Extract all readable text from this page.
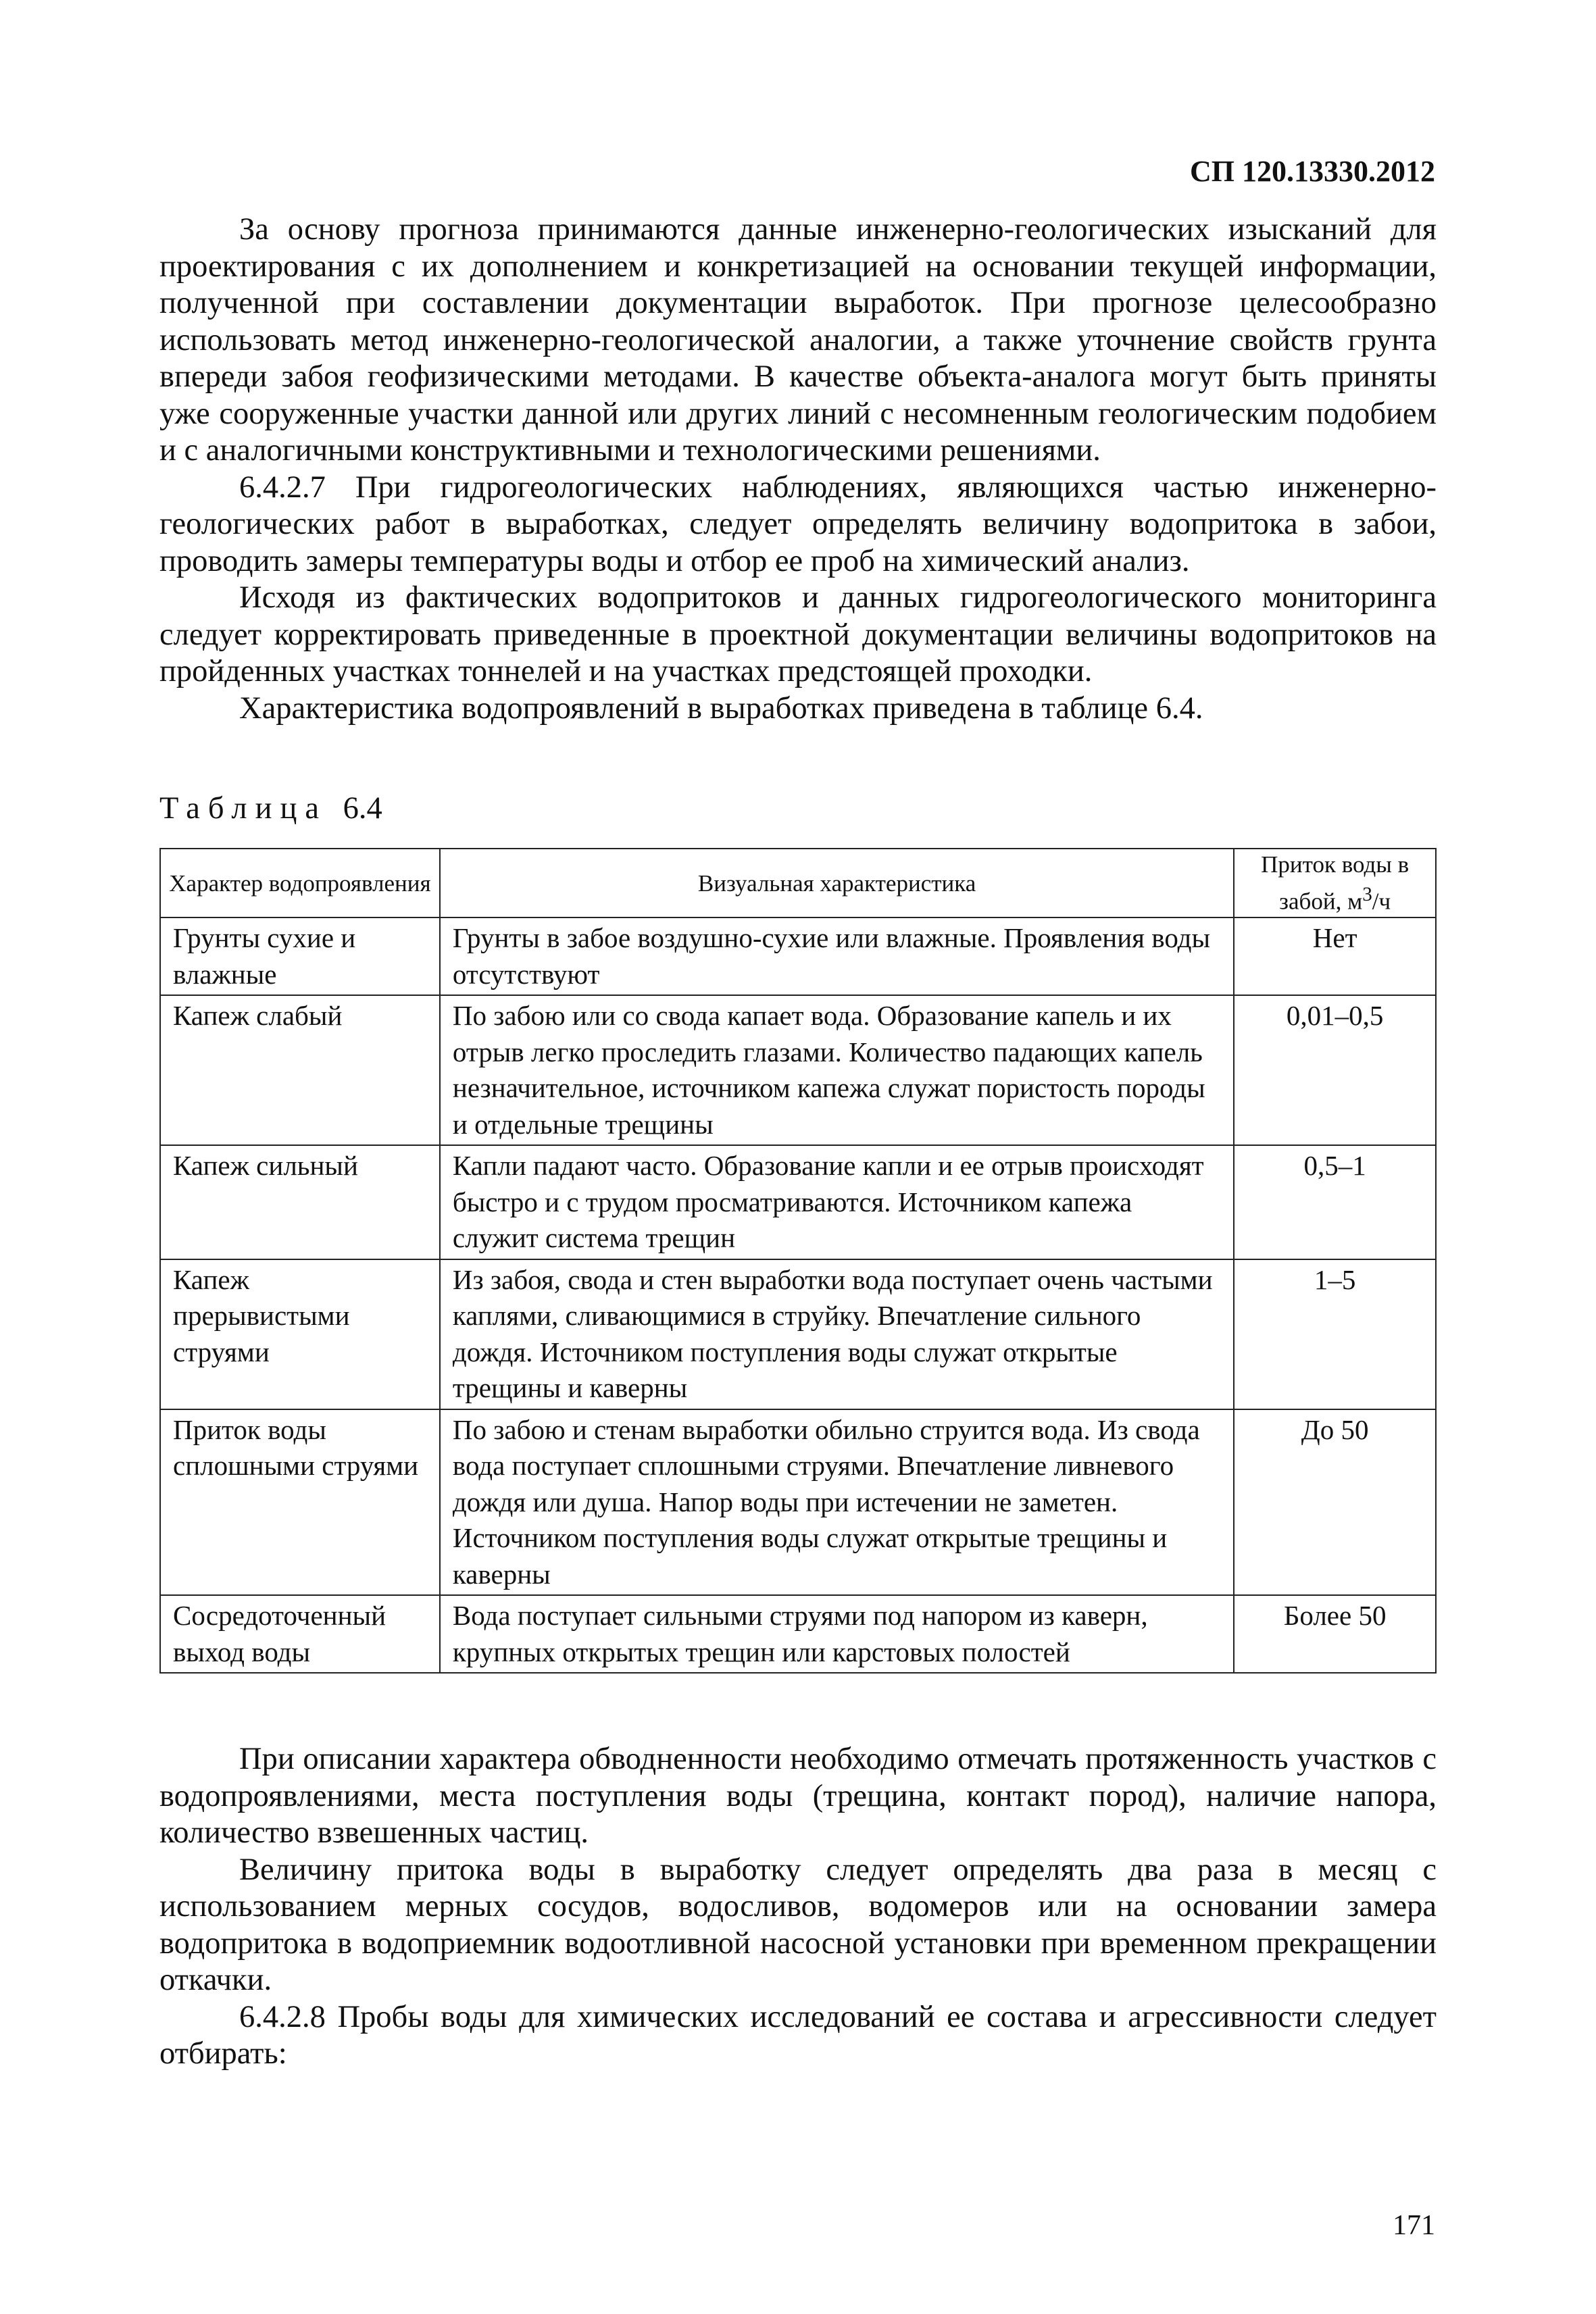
СП 120.13330.2012

За основу прогноза принимаются данные инженерно-геологических изысканий для проектирования с их дополнением и конкретизацией на основании текущей информации, полученной при составлении документации выработок. При прогнозе целесообразно использовать метод инженерно-геологической аналогии, а также уточнение свойств грунта впереди забоя геофизическими методами. В качестве объекта-аналога могут быть приняты уже сооруженные участки данной или других линий с несомненным геологическим подобием и с аналогичными конструктивными и технологическими решениями.

6.4.2.7 При гидрогеологических наблюдениях, являющихся частью инженерно-геологических работ в выработках, следует определять величину водопритока в забои, проводить замеры температуры воды и отбор ее проб на химический анализ.

Исходя из фактических водопритоков и данных гидрогеологического мониторинга следует корректировать приведенные в проектной документации величины водопритоков на пройденных участках тоннелей и на участках предстоящей проходки.

Характеристика водопроявлений в выработках приведена в таблице 6.4.

Таблица 6.4
Характер водопроявления	Визуальная характеристика	Приток воды в забой, $м^3/ч$
Грунты сухие и влажные	Грунты в забое воздушно-сухие или влажные. Проявления воды отсутствуют	Нет
Капеж слабый	По забою или со свода капает вода. Образование капель и их отрыв легко проследить глазами. Количество падающих капель незначительное, источником капежа служат пористость породы и отдельные трещины	0,01–0,5
Капеж сильный	Капли падают часто. Образование капли и ее отрыв происходят быстро и с трудом просматриваются. Источником капежа служит система трещин	0,5–1
Капеж прерывистыми струями	Из забоя, свода и стен выработки вода поступает очень частыми каплями, сливающимися в струйку. Впечатление сильного дождя. Источником поступления воды служат открытые трещины и каверны	1–5
Приток воды сплошными струями	По забою и стенам выработки обильно струится вода. Из свода вода поступает сплошными струями. Впечатление ливневого дождя или душа. Напор воды при истечении не заметен. Источником поступления воды служат открытые трещины и каверны	До 50
Сосредоточенный выход воды	Вода поступает сильными струями под напором из каверн, крупных открытых трещин или карстовых полостей	Более 50

При описании характера обводненности необходимо отмечать протяженность участков с водопроявлениями, места поступления воды (трещина, контакт пород), наличие напора, количество взвешенных частиц.

Величину притока воды в выработку следует определять два раза в месяц с использованием мерных сосудов, водосливов, водомеров или на основании замера водопритока в водоприемник водоотливной насосной установки при временном прекращении откачки.

6.4.2.8 Пробы воды для химических исследований ее состава и агрессивности следует отбирать:

171
